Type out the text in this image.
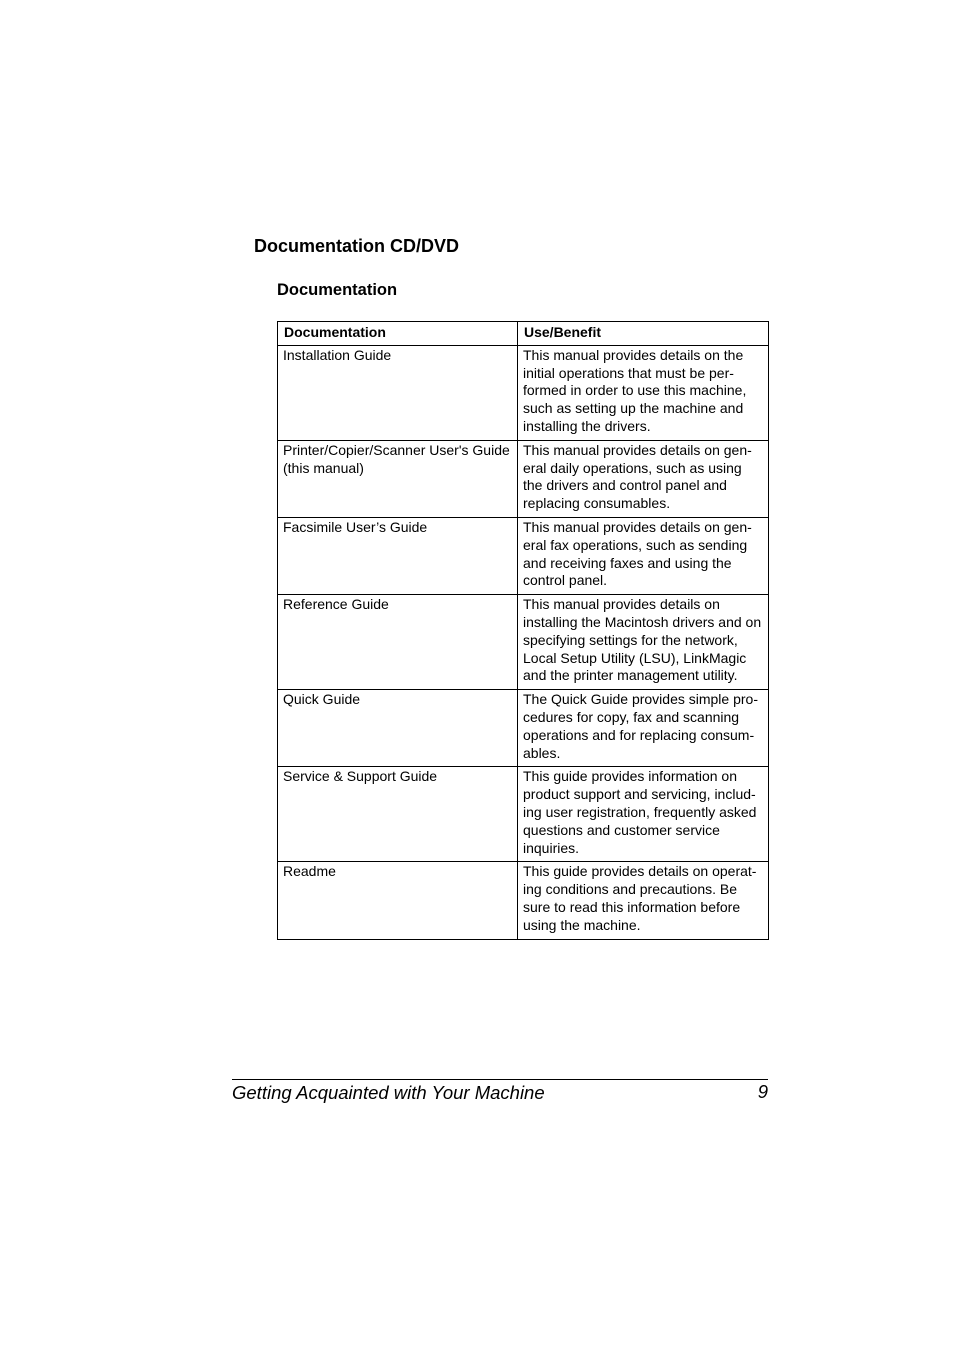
Documentation CD/DVD
Documentation
Documentation	Use/Benefit
Installation Guide	This manual provides details on the
initial operations that must be per-
formed in order to use this machine,
such as setting up the machine and
installing the drivers.
Printer/Copier/Scanner User's Guide
(this manual)	This manual provides details on gen-
eral daily operations, such as using
the drivers and control panel and
replacing consumables.
Facsimile User’s Guide	This manual provides details on gen-
eral fax operations, such as sending
and receiving faxes and using the
control panel.
Reference Guide	This manual provides details on
installing the Macintosh drivers and on
specifying settings for the network,
Local Setup Utility (LSU), LinkMagic
and the printer management utility.
Quick Guide	The Quick Guide provides simple pro-
cedures for copy, fax and scanning
operations and for replacing consum-
ables.
Service & Support Guide	This guide provides information on
product support and servicing, includ-
ing user registration, frequently asked
questions and customer service
inquiries.
Readme	This guide provides details on operat-
ing conditions and precautions. Be
sure to read this information before
using the machine.
Getting Acquainted with Your Machine	9
